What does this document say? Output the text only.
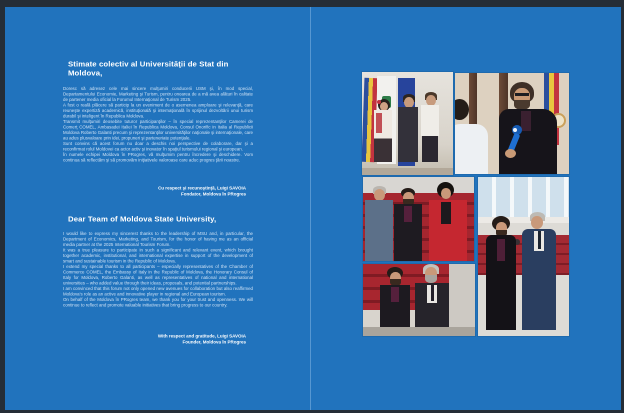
Stimate colectiv al Universităţii de Stat din Moldova,

Doresc să adresez cele mai sincere mulţumiri conducerii USM şi, în mod special, Departamentului Economie, Marketing şi Turism, pentru onoarea de a mă avea alături în calitate de partener media oficial la Forumul Internaţional de Turism 2025.

A fost o reală plăcere să particip la un eveniment de o asemenea amploare şi relevanţă, care reuneşte expertiză academică, instituţională şi internaţională în sprijinul dezvoltării unui turism durabil şi inteligent în Republica Moldova.

Transmit mulţumiri deosebite tuturor participanţilor – în special reprezentanţilor Camerei de Comerţ COMEL, Ambasadei Italiei în Republica Moldova, Consul Onorific in Italia al Republicii Moldova Roberto Galanti precum şi reprezentanţilor universităţilor naţionale şi internaţionale, care au adus plusvaloare prin idei, propuneri şi parteneriate potenţiale.

Sunt convins că acest forum nu doar a deschis noi perspective de colaborare, dar şi a reconfirmat rolul Moldovei ca actor activ şi inovator în spaţiul turismului regional şi european.

În numele echipei Moldova în PRogres, vă mulţumim pentru încredere şi deschidere. Vom continua să reflectăm şi să promovăm iniţiativele valoroase care aduc progres ţării noastre.

Cu respect şi recunoştinţă, Luigi SAVOIA
Fondator, Moldova în PRogres
Dear Team of Moldova State University,

I would like to express my sincerest thanks to the leadership of MSU and, in particular, the Department of Economics, Marketing, and Tourism, for the honor of having me as an official media partner at the 2025 International Tourism Forum.

It was a true pleasure to participate in such a significant and relevant event, which brought together academic, institutional, and international expertise in support of the development of smart and sustainable tourism in the Republic of Moldova.

I extend my special thanks to all participants – especially representatives of the Chamber of Commerce COMEL, the Embassy of Italy in the Republic of Moldova, the Honorary Consul of Italy for Moldova, Roberto Galanti, as well as representatives of national and international universities – who added value through their ideas, proposals, and potential partnerships.

I am convinced that this forum not only opened new avenues for collaboration but also reaffirmed Moldova's role as an active and innovative player in regional and European tourism.

On behalf of the Moldova în PRogres team, we thank you for your trust and openness. We will continue to reflect and promote valuable initiatives that bring progress to our country.

With respect and gratitude, Luigi SAVOIA
Founder, Moldova în PRogres
